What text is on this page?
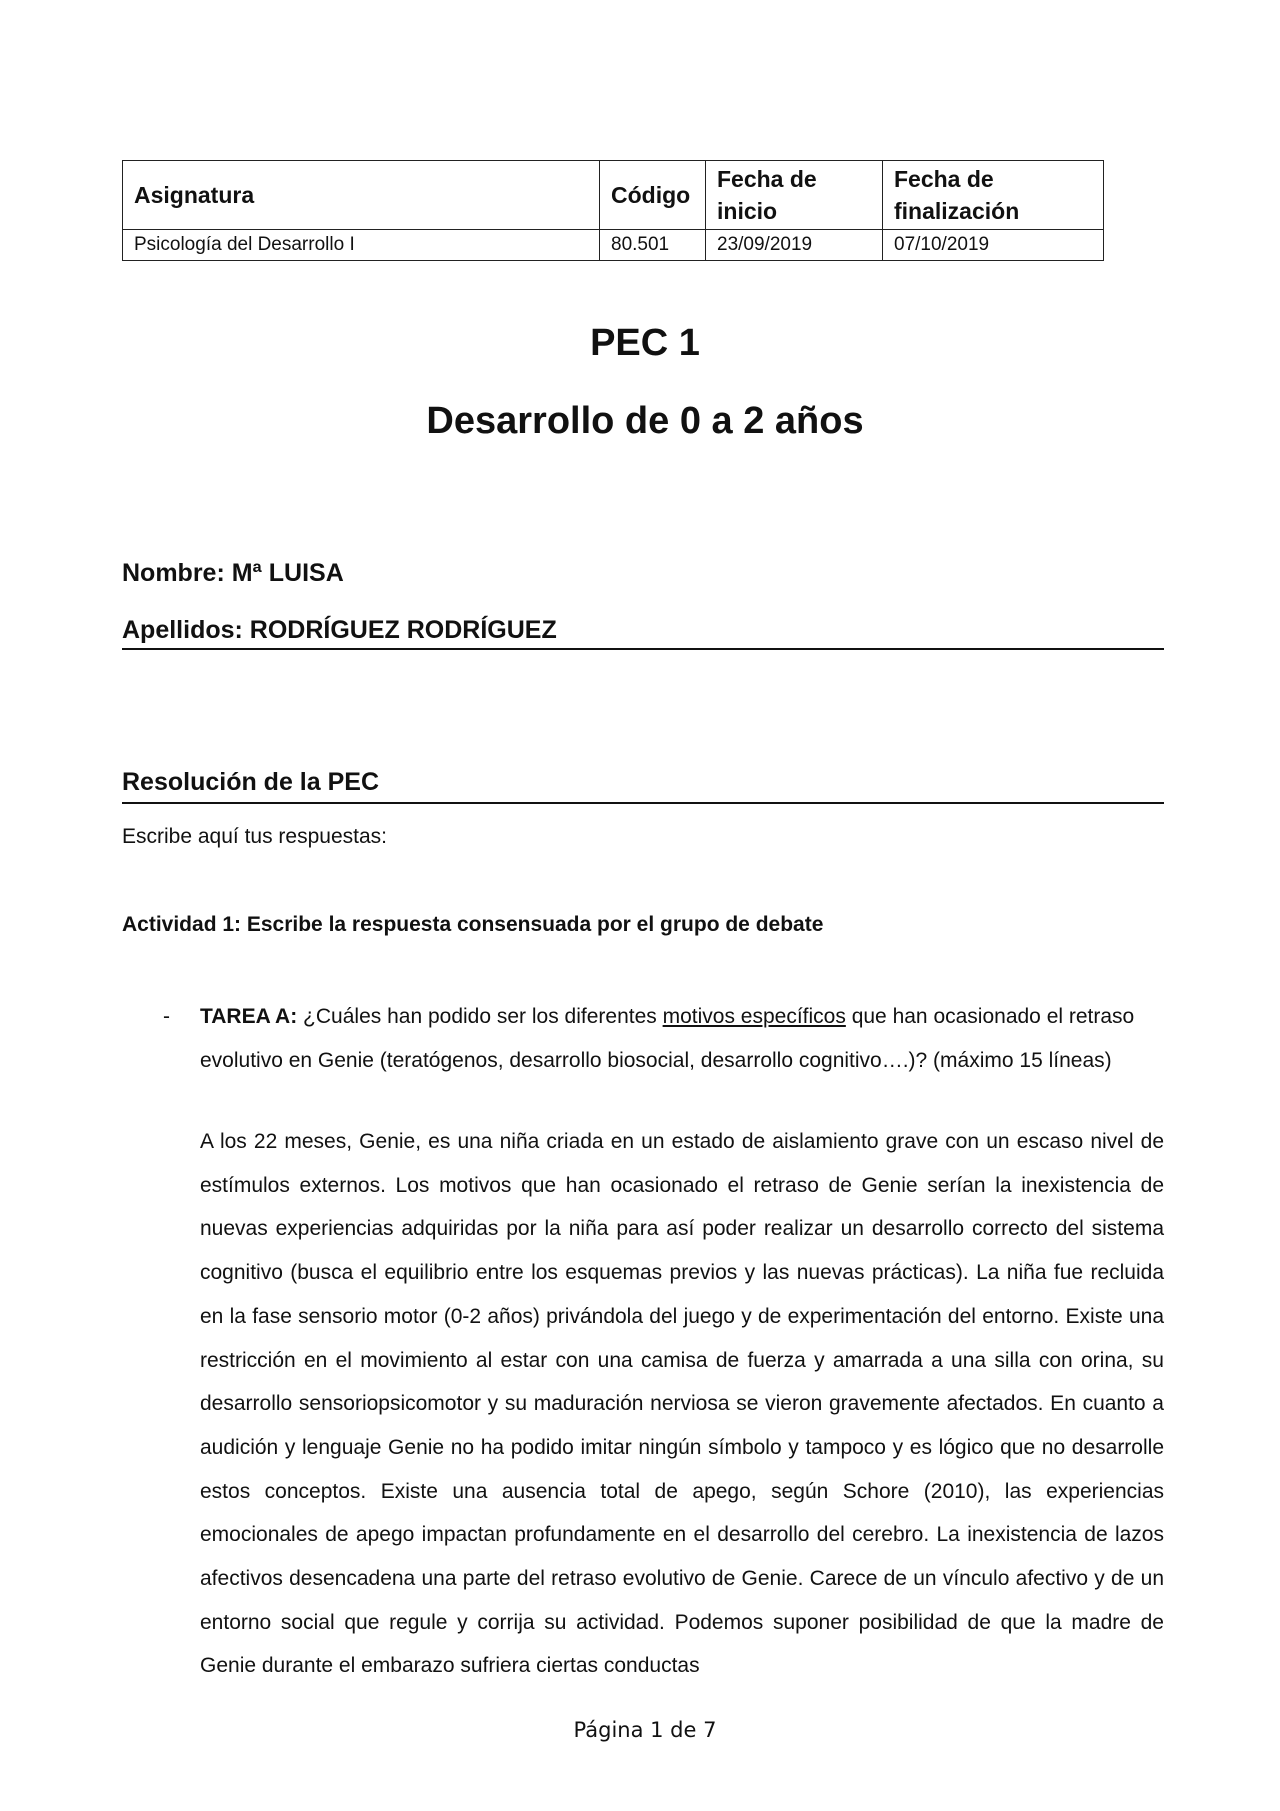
Asignatura	Código	Fecha de inicio	Fecha de finalización
Psicología del Desarrollo I	80.501	23/09/2019	07/10/2019
PEC 1
Desarrollo de 0 a 2 años
Nombre: Mª LUISA
Apellidos: RODRÍGUEZ RODRÍGUEZ
Resolución de la PEC
Escribe aquí tus respuestas:
Actividad 1: Escribe la respuesta consensuada por el grupo de debate
- TAREA A: ¿Cuáles han podido ser los diferentes motivos específicos que han ocasionado el retraso evolutivo en Genie (teratógenos, desarrollo biosocial, desarrollo cognitivo….)? (máximo 15 líneas)
A los 22 meses, Genie, es una niña criada en un estado de aislamiento grave con un escaso nivel de estímulos externos. Los motivos que han ocasionado el retraso de Genie serían la inexistencia de nuevas experiencias adquiridas por la niña para así poder realizar un desarrollo correcto del sistema cognitivo (busca el equilibrio entre los esquemas previos y las nuevas prácticas). La niña fue recluida en la fase sensorio motor (0-2 años) privándola del juego y de experimentación del entorno. Existe una restricción en el movimiento al estar con una camisa de fuerza y amarrada a una silla con orina, su desarrollo sensoriopsicomotor y su maduración nerviosa se vieron gravemente afectados. En cuanto a audición y lenguaje Genie no ha podido imitar ningún símbolo y tampoco y es lógico que no desarrolle estos conceptos. Existe una ausencia total de apego, según Schore (2010), las experiencias emocionales de apego impactan profundamente en el desarrollo del cerebro. La inexistencia de lazos afectivos desencadena una parte del retraso evolutivo de Genie. Carece de un vínculo afectivo y de un entorno social que regule y corrija su actividad. Podemos suponer posibilidad de que la madre de Genie durante el embarazo sufriera ciertas conductas
Página 1 de 7
